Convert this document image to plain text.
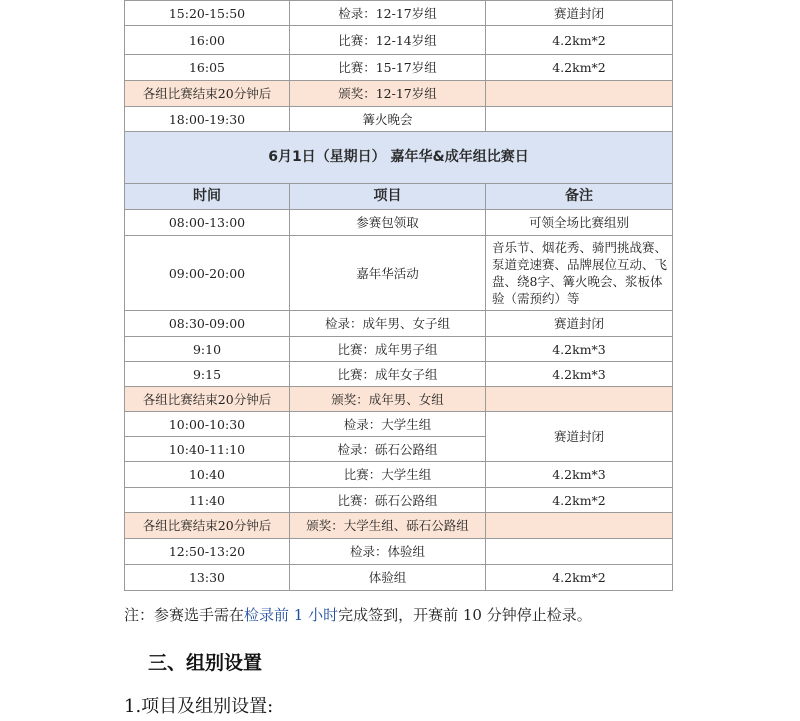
15:20-15:50	检录：12-17岁组	赛道封闭
16:00	比赛：12-14岁组	4.2km*2
16:05	比赛：15-17岁组	4.2km*2
各组比赛结束20分钟后	颁奖：12-17岁组	
18:00-19:30	篝火晚会	
6月1日（星期日） 嘉年华&成年组比赛日		
时间	项目	备注
08:00-13:00	参赛包领取	可领全场比赛组别
09:00-20:00	嘉年华活动	音乐节、烟花秀、骑門挑战赛、泵道竞速赛、品牌展位互动、飞盘、绕8字、篝火晚会、浆板体验（需预约）等
08:30-09:00	检录：成年男、女子组	赛道封闭
9:10	比赛：成年男子组	4.2km*3
9:15	比赛：成年女子组	4.2km*3
各组比赛结束20分钟后	颁奖：成年男、女组	
10:00-10:30	检录：大学生组	赛道封闭
10:40-11:10	检录：砾石公路组	
10:40	比赛：大学生组	4.2km*3
11:40	比赛：砾石公路组	4.2km*2
各组比赛结束20分钟后	颁奖：大学生组、砾石公路组	
12:50-13:20	检录：体验组	
13:30	体验组	4.2km*2
注：参赛选手需在检录前 1 小时完成签到，开赛前 10 分钟停止检录。
三、组别设置
1.项目及组别设置:
